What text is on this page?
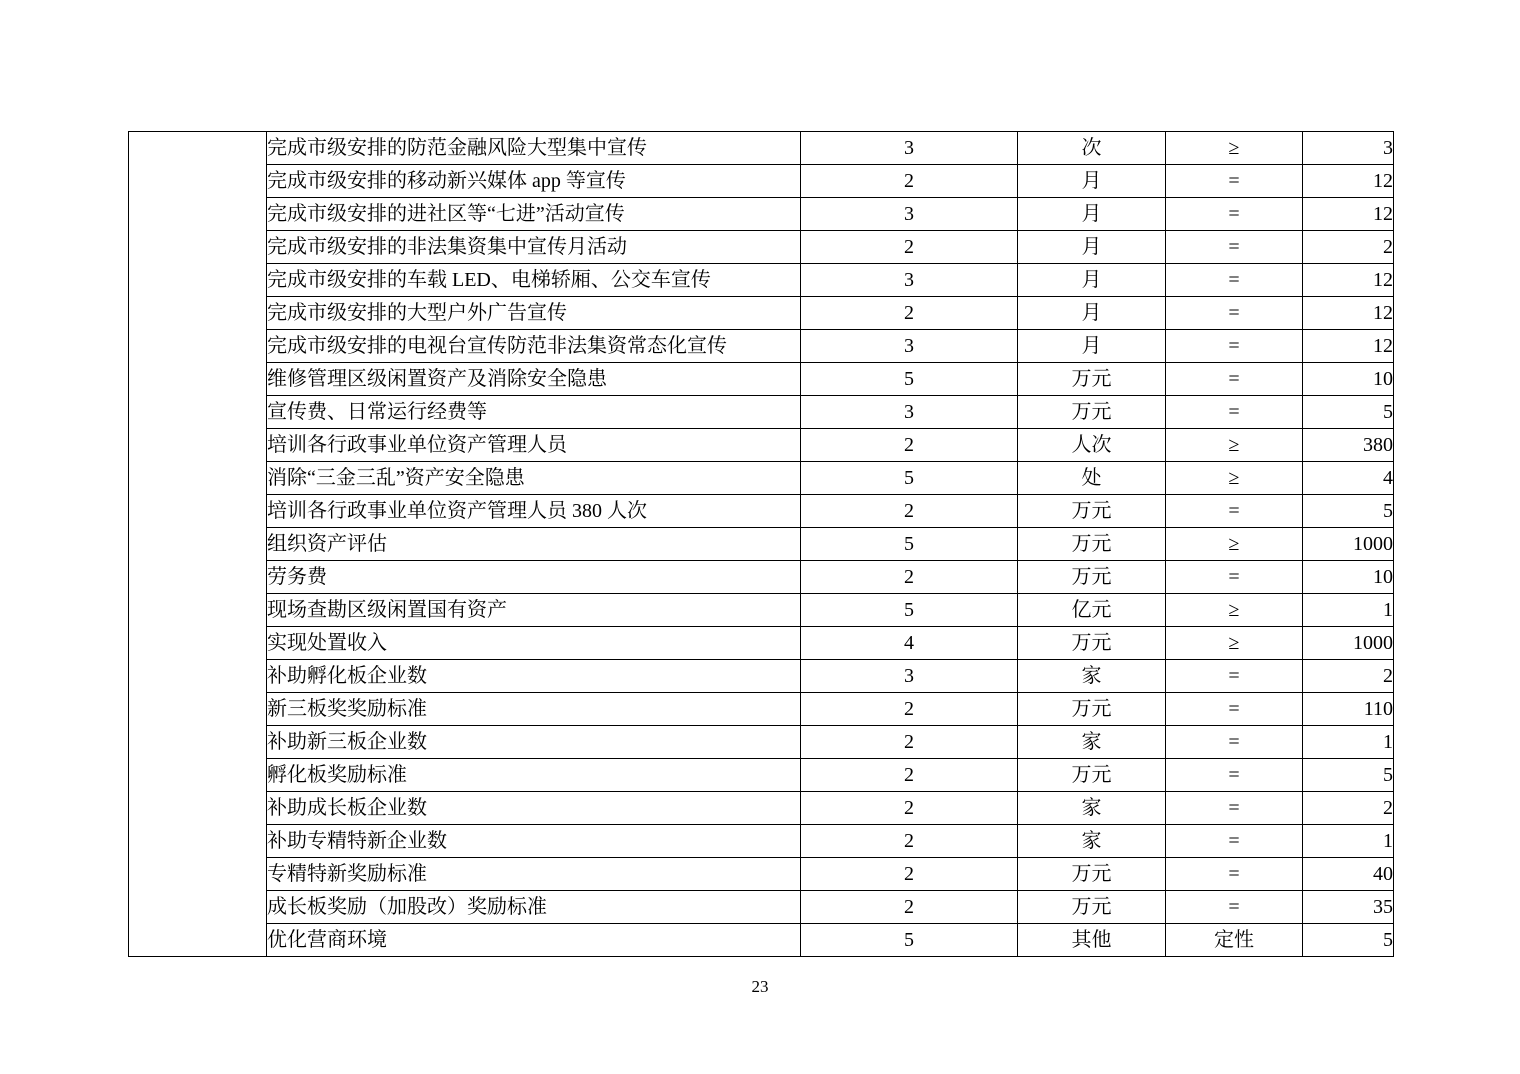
	完成市级安排的防范金融风险大型集中宣传	3	次	≥	3
	完成市级安排的移动新兴媒体 app 等宣传	2	月	=	12
	完成市级安排的进社区等“七进”活动宣传	3	月	=	12
	完成市级安排的非法集资集中宣传月活动	2	月	=	2
	完成市级安排的车载 LED、电梯轿厢、公交车宣传	3	月	=	12
	完成市级安排的大型户外广告宣传	2	月	=	12
	完成市级安排的电视台宣传防范非法集资常态化宣传	3	月	=	12
	维修管理区级闲置资产及消除安全隐患	5	万元	=	10
	宣传费、日常运行经费等	3	万元	=	5
	培训各行政事业单位资产管理人员	2	人次	≥	380
	消除“三金三乱”资产安全隐患	5	处	≥	4
	培训各行政事业单位资产管理人员 380 人次	2	万元	=	5
	组织资产评估	5	万元	≥	1000
	劳务费	2	万元	=	10
	现场查勘区级闲置国有资产	5	亿元	≥	1
	实现处置收入	4	万元	≥	1000
	补助孵化板企业数	3	家	=	2
	新三板奖奖励标准	2	万元	=	110
	补助新三板企业数	2	家	=	1
	孵化板奖励标准	2	万元	=	5
	补助成长板企业数	2	家	=	2
	补助专精特新企业数	2	家	=	1
	专精特新奖励标准	2	万元	=	40
	成长板奖励（加股改）奖励标准	2	万元	=	35
	优化营商环境	5	其他	定性	5
23
